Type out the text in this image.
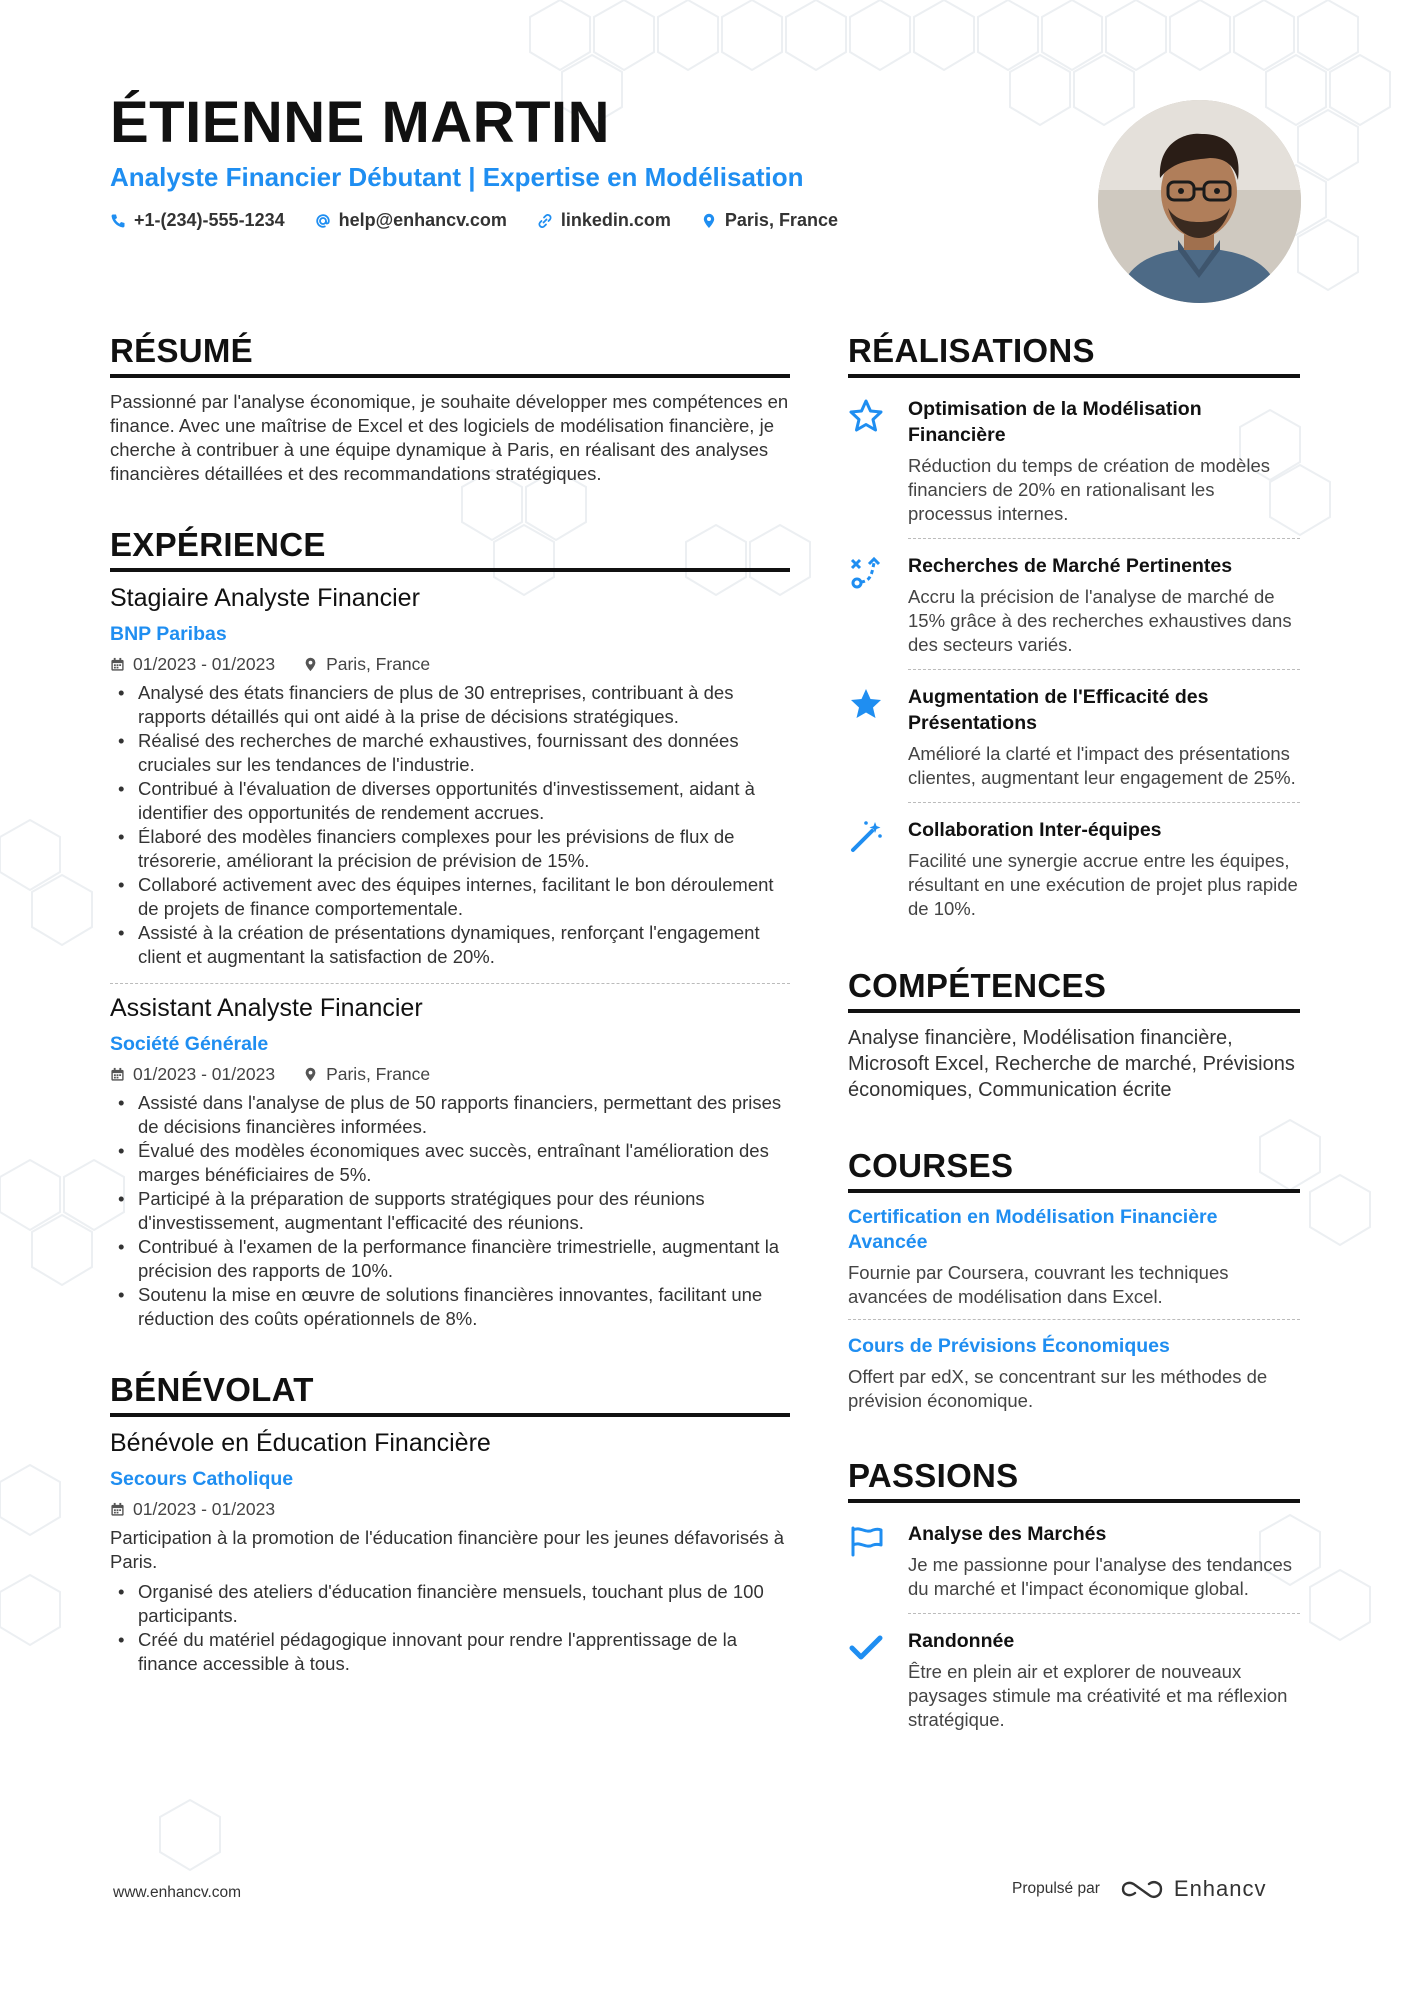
ÉTIENNE MARTIN
Analyste Financier Débutant | Expertise en Modélisation
+1-(234)-555-1234	help@enhancv.com	linkedin.com	Paris, France
RÉSUMÉ

Passionné par l'analyse économique, je souhaite développer mes compétences en finance. Avec une maîtrise de Excel et des logiciels de modélisation financière, je cherche à contribuer à une équipe dynamique à Paris, en réalisant des analyses financières détaillées et des recommandations stratégiques.

EXPÉRIENCE
Stagiaire Analyste Financier
BNP Paribas
01/2023 - 01/2023	Paris, France
• Analysé des états financiers de plus de 30 entreprises, contribuant à des rapports détaillés qui ont aidé à la prise de décisions stratégiques.
• Réalisé des recherches de marché exhaustives, fournissant des données cruciales sur les tendances de l'industrie.
• Contribué à l'évaluation de diverses opportunités d'investissement, aidant à identifier des opportunités de rendement accrues.
• Élaboré des modèles financiers complexes pour les prévisions de flux de trésorerie, améliorant la précision de prévision de 15%.
• Collaboré activement avec des équipes internes, facilitant le bon déroulement de projets de finance comportementale.
• Assisté à la création de présentations dynamiques, renforçant l'engagement client et augmentant la satisfaction de 20%.
Assistant Analyste Financier
Société Générale
01/2023 - 01/2023	Paris, France
• Assisté dans l'analyse de plus de 50 rapports financiers, permettant des prises de décisions financières informées.
• Évalué des modèles économiques avec succès, entraînant l'amélioration des marges bénéficiaires de 5%.
• Participé à la préparation de supports stratégiques pour des réunions d'investissement, augmentant l'efficacité des réunions.
• Contribué à l'examen de la performance financière trimestrielle, augmentant la précision des rapports de 10%.
• Soutenu la mise en œuvre de solutions financières innovantes, facilitant une réduction des coûts opérationnels de 8%.
BÉNÉVOLAT
Bénévole en Éducation Financière
Secours Catholique
01/2023 - 01/2023

Participation à la promotion de l'éducation financière pour les jeunes défavorisés à Paris.

• Organisé des ateliers d'éducation financière mensuels, touchant plus de 100 participants.
• Créé du matériel pédagogique innovant pour rendre l'apprentissage de la finance accessible à tous.
RÉALISATIONS
Optimisation de la Modélisation Financière
Réduction du temps de création de modèles financiers de 20% en rationalisant les processus internes.
Recherches de Marché Pertinentes
Accru la précision de l'analyse de marché de 15% grâce à des recherches exhaustives dans des secteurs variés.
Augmentation de l'Efficacité des Présentations
Amélioré la clarté et l'impact des présentations clientes, augmentant leur engagement de 25%.
Collaboration Inter-équipes
Facilité une synergie accrue entre les équipes, résultant en une exécution de projet plus rapide de 10%.
COMPÉTENCES

Analyse financière, Modélisation financière, Microsoft Excel, Recherche de marché, Prévisions économiques, Communication écrite

COURSES
Certification en Modélisation Financière Avancée
Fournie par Coursera, couvrant les techniques avancées de modélisation dans Excel.
Cours de Prévisions Économiques
Offert par edX, se concentrant sur les méthodes de prévision économique.
PASSIONS
Analyse des Marchés
Je me passionne pour l'analyse des tendances du marché et l'impact économique global.
Randonnée
Être en plein air et explorer de nouveaux paysages stimule ma créativité et ma réflexion stratégique.
www.enhancv.com	Propulsé par	Enhancv
